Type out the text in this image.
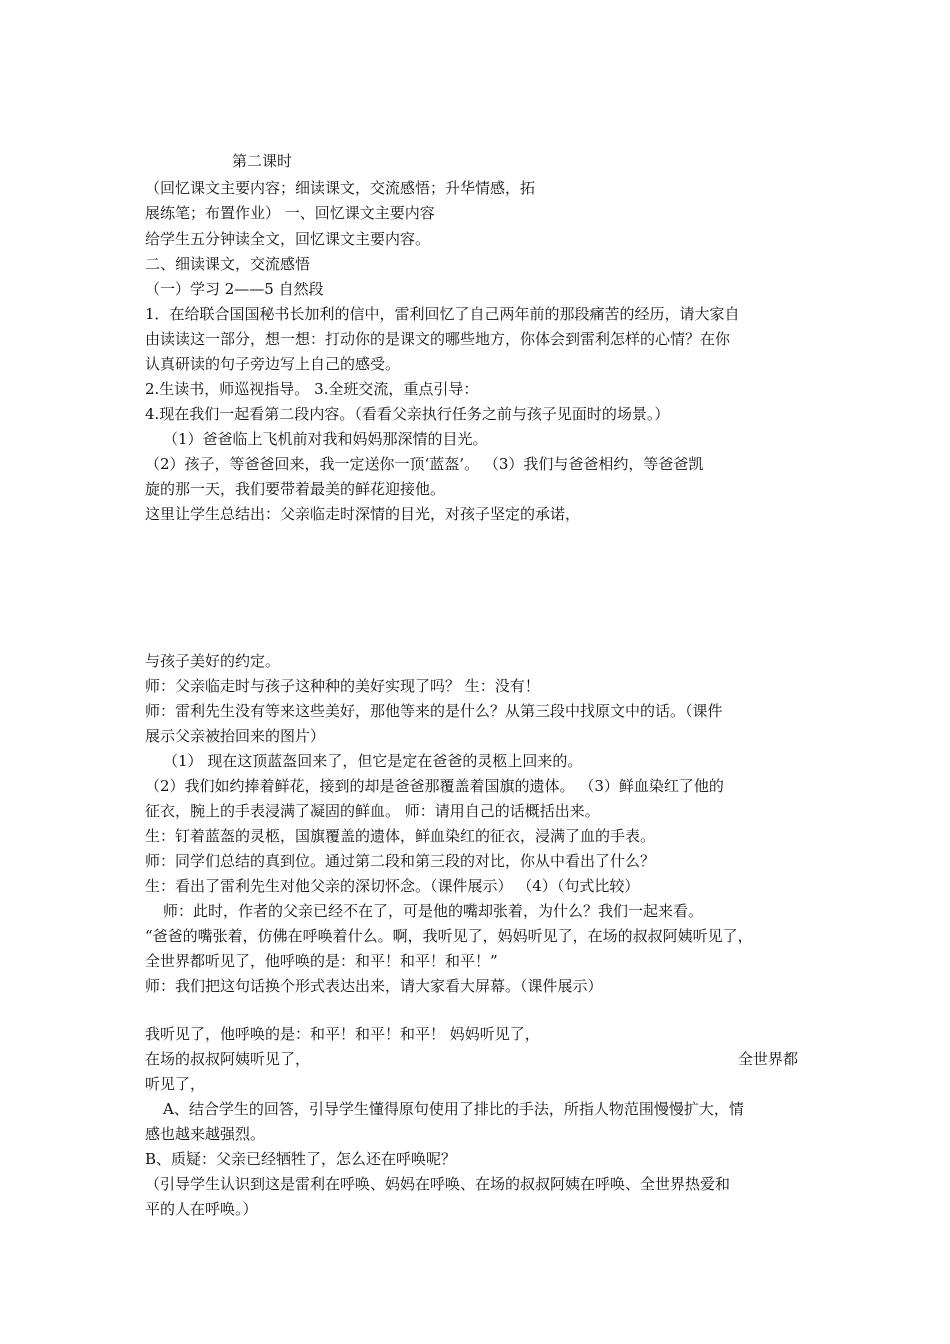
第二课时
（回忆课文主要内容；细读课文，交流感悟；升华情感，拓
展练笔；布置作业） 一、回忆课文主要内容
给学生五分钟读全文，回忆课文主要内容。
二、细读课文，交流感悟
（一）学习 2——5 自然段
1．在给联合国国秘书长加利的信中，雷利回忆了自己两年前的那段痛苦的经历，请大家自
由读读这一部分，想一想：打动你的是课文的哪些地方，你体会到雷利怎样的心情？在你
认真研读的句子旁边写上自己的感受。
2.生读书，师巡视指导。 3.全班交流，重点引导：
4.现在我们一起看第二段内容。（看看父亲执行任务之前与孩子见面时的场景。）
（1）爸爸临上飞机前对我和妈妈那深情的目光。
（2）孩子，等爸爸回来，我一定送你一顶‘蓝盔’。 （3）我们与爸爸相约，等爸爸凯
旋的那一天，我们要带着最美的鲜花迎接他。
这里让学生总结出：父亲临走时深情的目光，对孩子坚定的承诺，
与孩子美好的约定。
师：父亲临走时与孩子这种种的美好实现了吗？ 生：没有！
师：雷利先生没有等来这些美好，那他等来的是什么？从第三段中找原文中的话。（课件
展示父亲被抬回来的图片）
（1） 现在这顶蓝盔回来了，但它是定在爸爸的灵柩上回来的。
（2）我们如约捧着鲜花，接到的却是爸爸那覆盖着国旗的遗体。 （3）鲜血染红了他的
征衣，腕上的手表浸满了凝固的鲜血。 师：请用自己的话概括出来。
生：钉着蓝盔的灵柩，国旗覆盖的遗体，鲜血染红的征衣，浸满了血的手表。
师：同学们总结的真到位。通过第二段和第三段的对比，你从中看出了什么？
生：看出了雷利先生对他父亲的深切怀念。（课件展示） （4）（句式比较）
师：此时，作者的父亲已经不在了，可是他的嘴却张着，为什么？我们一起来看。
“爸爸的嘴张着，仿佛在呼唤着什么。啊，我听见了，妈妈听见了，在场的叔叔阿姨听见了，
全世界都听见了，他呼唤的是：和平！和平！和平！”
师：我们把这句话换个形式表达出来，请大家看大屏幕。（课件展示）
我听见了，他呼唤的是：和平！和平！和平！ 妈妈听见了，
在场的叔叔阿姨听见了，	全世界都
听见了，
A、结合学生的回答，引导学生懂得原句使用了排比的手法，所指人物范围慢慢扩大，情
感也越来越强烈。
B、质疑：父亲已经牺牲了，怎么还在呼唤呢？
（引导学生认识到这是雷利在呼唤、妈妈在呼唤、在场的叔叔阿姨在呼唤、全世界热爱和
平的人在呼唤。）
